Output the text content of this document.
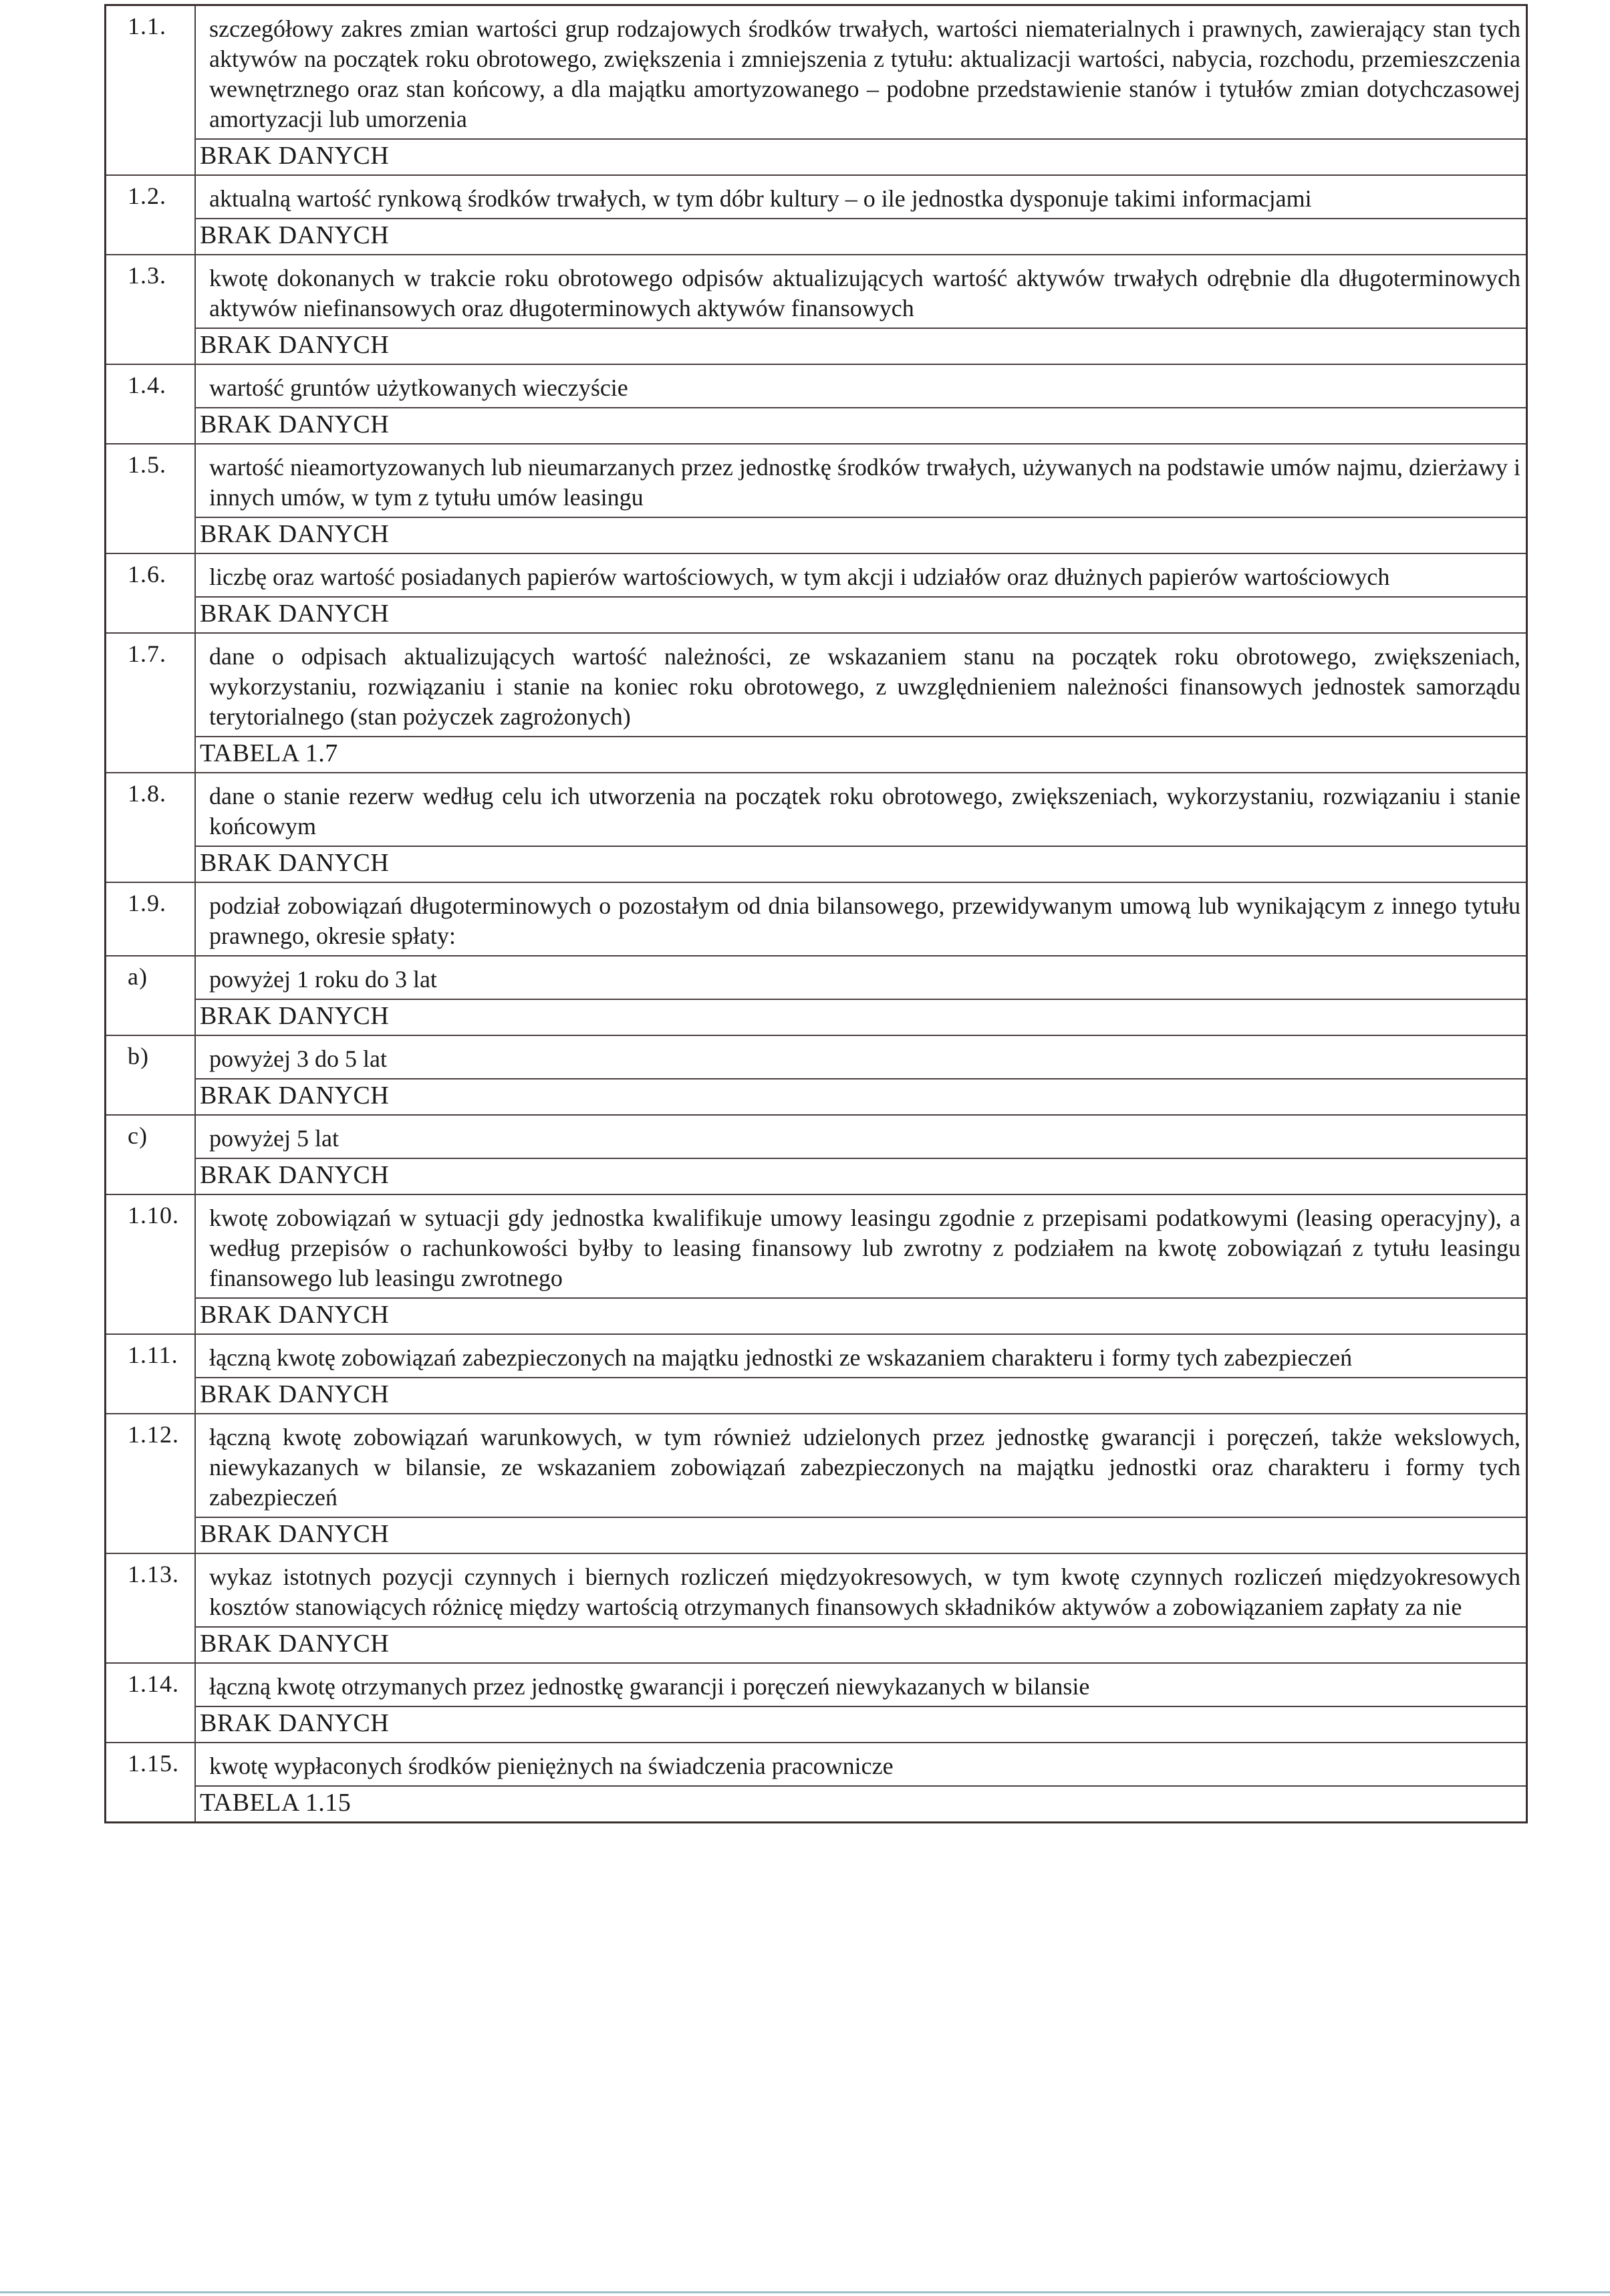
1.1.	szczegółowy zakres zmian wartości grup rodzajowych środków trwałych, wartości niematerialnych i prawnych, zawierający stan tych aktywów na początek roku obrotowego, zwiększenia i zmniejszenia z tytułu: aktualizacji wartości, nabycia, rozchodu, przemieszczenia wewnętrznego oraz stan końcowy, a dla majątku amortyzowanego – podobne przedstawienie stanów i tytułów zmian dotychczasowej amortyzacji lub umorzenia
BRAK DANYCH
1.2.	aktualną wartość rynkową środków trwałych, w tym dóbr kultury – o ile jednostka dysponuje takimi informacjami
BRAK DANYCH
1.3.	kwotę dokonanych w trakcie roku obrotowego odpisów aktualizujących wartość aktywów trwałych odrębnie dla długoterminowych aktywów niefinansowych oraz długoterminowych aktywów finansowych
BRAK DANYCH
1.4.	wartość gruntów użytkowanych wieczyście
BRAK DANYCH
1.5.	wartość nieamortyzowanych lub nieumarzanych przez jednostkę środków trwałych, używanych na podstawie umów najmu, dzierżawy i innych umów, w tym z tytułu umów leasingu
BRAK DANYCH
1.6.	liczbę oraz wartość posiadanych papierów wartościowych, w tym akcji i udziałów oraz dłużnych papierów wartościowych
BRAK DANYCH
1.7.	dane o odpisach aktualizujących wartość należności, ze wskazaniem stanu na początek roku obrotowego, zwiększeniach, wykorzystaniu, rozwiązaniu i stanie na koniec roku obrotowego, z uwzględnieniem należności finansowych jednostek samorządu terytorialnego (stan pożyczek zagrożonych)
TABELA 1.7
1.8.	dane o stanie rezerw według celu ich utworzenia na początek roku obrotowego, zwiększeniach, wykorzystaniu, rozwiązaniu i stanie końcowym
BRAK DANYCH
1.9.	podział zobowiązań długoterminowych o pozostałym od dnia bilansowego, przewidywanym umową lub wynikającym z innego tytułu prawnego, okresie spłaty:
a)	powyżej 1 roku do 3 lat
BRAK DANYCH
b)	powyżej 3 do 5 lat
BRAK DANYCH
c)	powyżej 5 lat
BRAK DANYCH
1.10.	kwotę zobowiązań w sytuacji gdy jednostka kwalifikuje umowy leasingu zgodnie z przepisami podatkowymi (leasing operacyjny), a według przepisów o rachunkowości byłby to leasing finansowy lub zwrotny z podziałem na kwotę zobowiązań z tytułu leasingu finansowego lub leasingu zwrotnego
BRAK DANYCH
1.11.	łączną kwotę zobowiązań zabezpieczonych na majątku jednostki ze wskazaniem charakteru i formy tych zabezpieczeń
BRAK DANYCH
1.12.	łączną kwotę zobowiązań warunkowych, w tym również udzielonych przez jednostkę gwarancji i poręczeń, także wekslowych, niewykazanych w bilansie, ze wskazaniem zobowiązań zabezpieczonych na majątku jednostki oraz charakteru i formy tych zabezpieczeń
BRAK DANYCH
1.13.	wykaz istotnych pozycji czynnych i biernych rozliczeń międzyokresowych, w tym kwotę czynnych rozliczeń międzyokresowych kosztów stanowiących różnicę między wartością otrzymanych finansowych składników aktywów a zobowiązaniem zapłaty za nie
BRAK DANYCH
1.14.	łączną kwotę otrzymanych przez jednostkę gwarancji i poręczeń niewykazanych w bilansie
BRAK DANYCH
1.15.	kwotę wypłaconych środków pieniężnych na świadczenia pracownicze
TABELA 1.15
